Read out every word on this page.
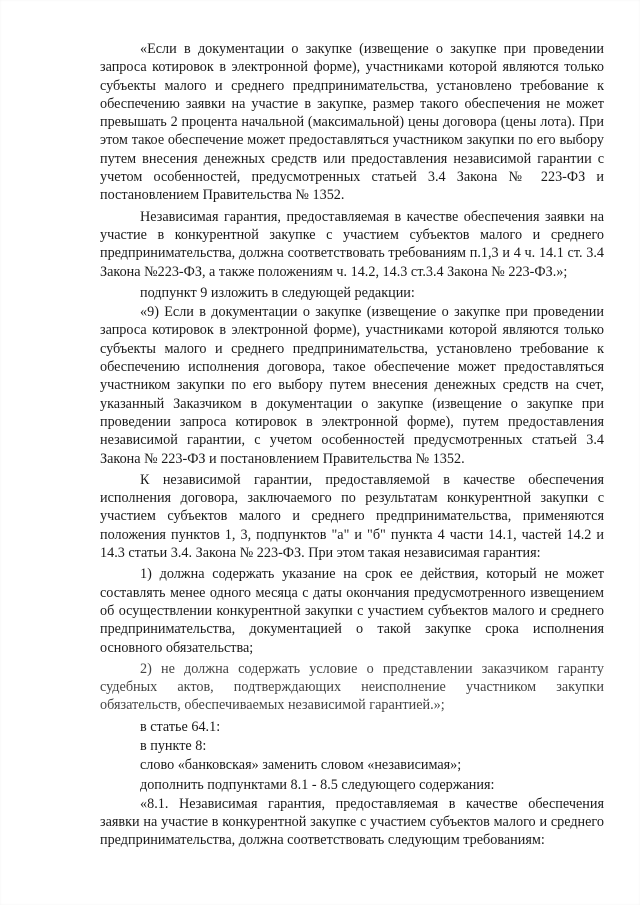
«Если в документации о закупке (извещение о закупке при проведении запроса котировок в электронной форме), участниками которой являются только субъекты малого и среднего предпринимательства, установлено требование к обеспечению заявки на участие в закупке, размер такого обеспечения не может превышать 2 процента начальной (максимальной) цены договора (цены лота). При этом такое обеспечение может предоставляться участником закупки по его выбору путем внесения денежных средств или предоставления независимой гарантии с учетом особенностей, предусмотренных статьей 3.4 Закона № 223-ФЗ и постановлением Правительства № 1352.

Независимая гарантия, предоставляемая в качестве обеспечения заявки на участие в конкурентной закупке с участием субъектов малого и среднего предпринимательства, должна соответствовать требованиям п.1,3 и 4 ч. 14.1 ст. 3.4 Закона №223-ФЗ, а также положениям ч. 14.2, 14.3 ст.3.4 Закона № 223-ФЗ.»;

подпункт 9 изложить в следующей редакции:

«9) Если в документации о закупке (извещение о закупке при проведении запроса котировок в электронной форме), участниками которой являются только субъекты малого и среднего предпринимательства, установлено требование к обеспечению исполнения договора, такое обеспечение может предоставляться участником закупки по его выбору путем внесения денежных средств на счет, указанный Заказчиком в документации о закупке (извещение о закупке при проведении запроса котировок в электронной форме), путем предоставления независимой гарантии, с учетом особенностей предусмотренных статьей 3.4 Закона № 223-ФЗ и постановлением Правительства № 1352.

К независимой гарантии, предоставляемой в качестве обеспечения исполнения договора, заключаемого по результатам конкурентной закупки с участием субъектов малого и среднего предпринимательства, применяются положения пунктов 1, 3, подпунктов "а" и "б" пункта 4 части 14.1, частей 14.2 и 14.3 статьи 3.4. Закона № 223-ФЗ. При этом такая независимая гарантия:

1) должна содержать указание на срок ее действия, который не может составлять менее одного месяца с даты окончания предусмотренного извещением об осуществлении конкурентной закупки с участием субъектов малого и среднего предпринимательства, документацией о такой закупке срока исполнения основного обязательства;

2) не должна содержать условие о представлении заказчиком гаранту судебных актов, подтверждающих неисполнение участником закупки обязательств, обеспечиваемых независимой гарантией.»;

в статье 64.1:

в пункте 8:

слово «банковская» заменить словом «независимая»;

дополнить подпунктами 8.1 - 8.5 следующего содержания:

«8.1. Независимая гарантия, предоставляемая в качестве обеспечения заявки на участие в конкурентной закупке с участием субъектов малого и среднего предпринимательства, должна соответствовать следующим требованиям:
